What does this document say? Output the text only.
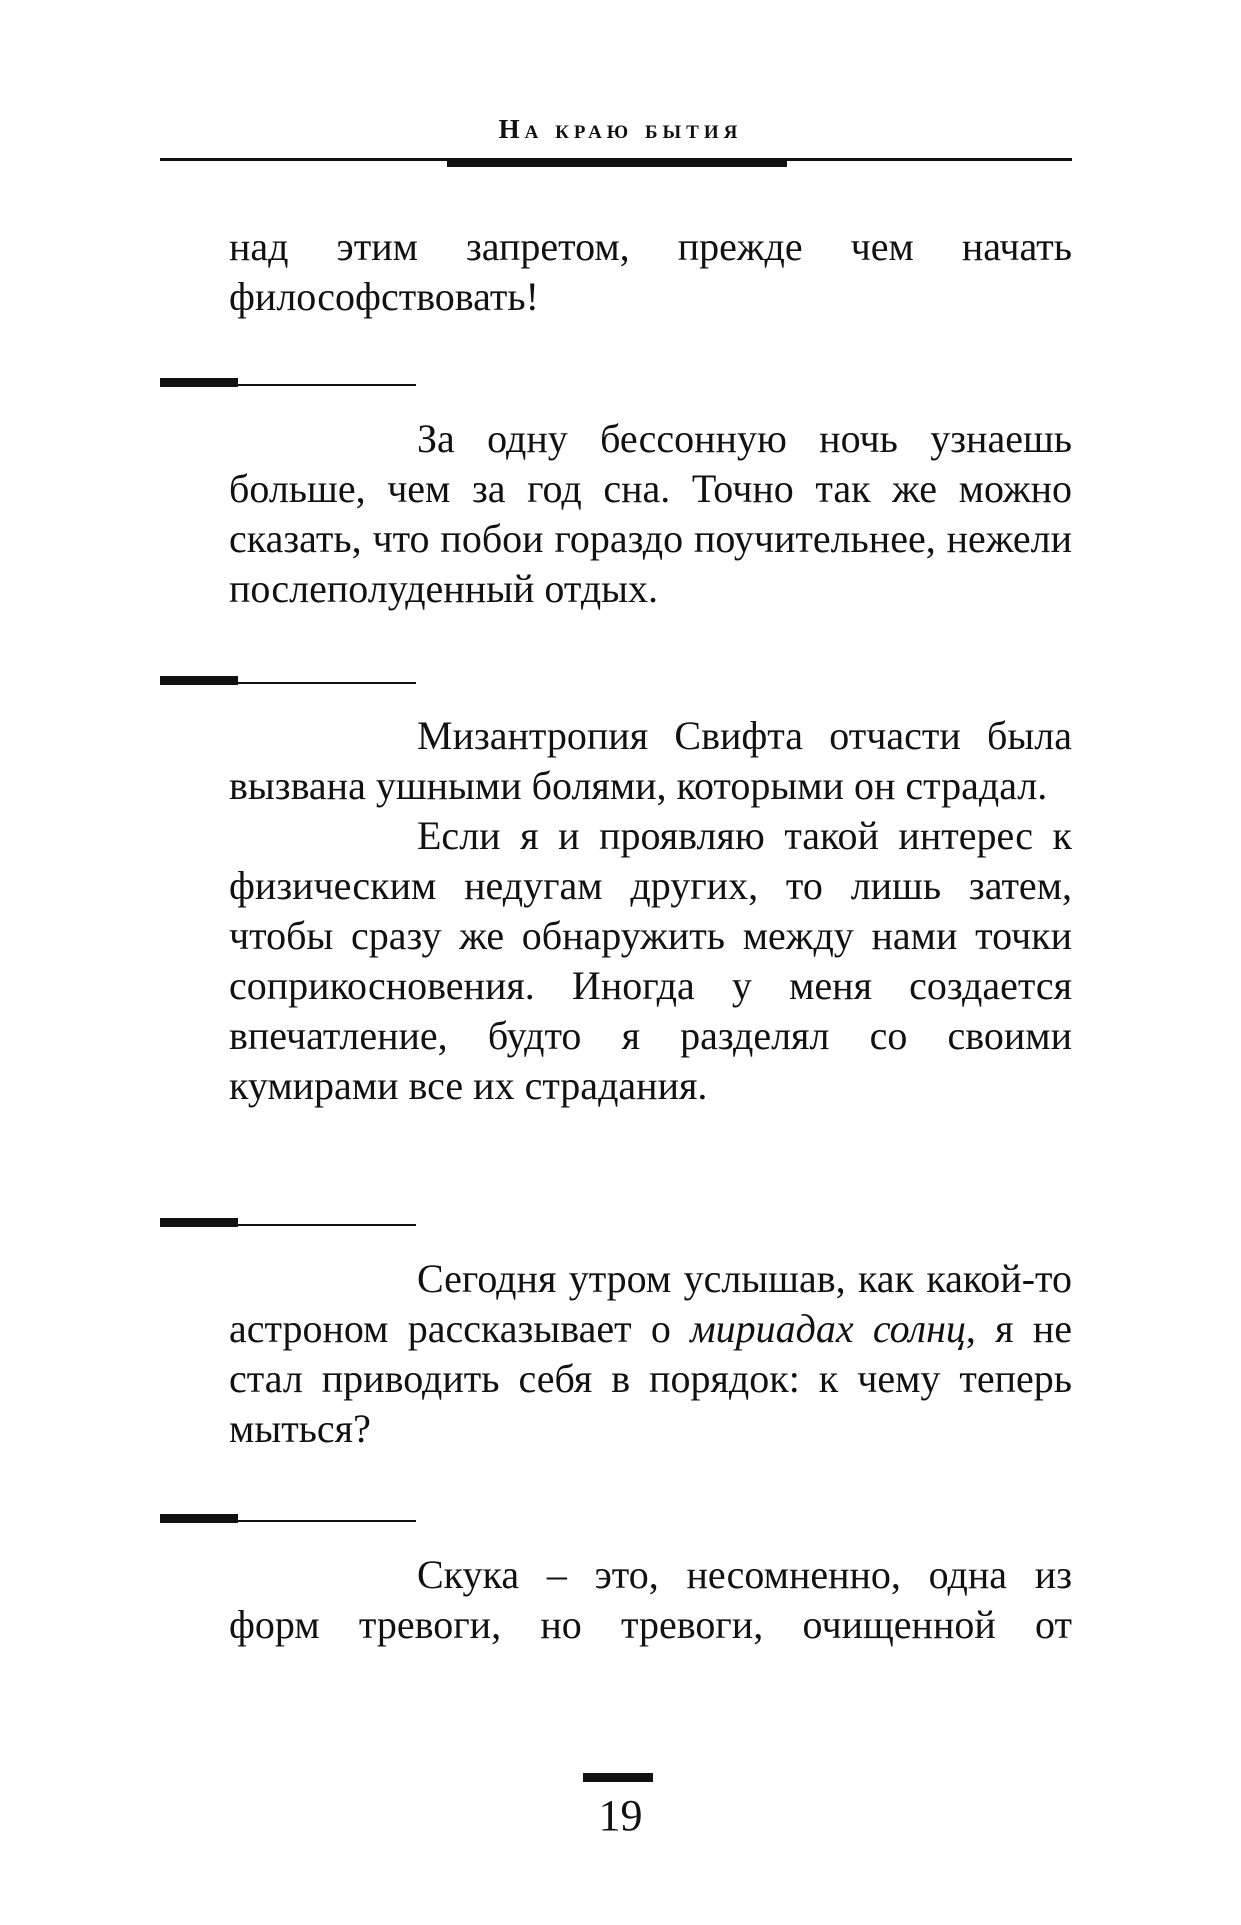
На краю бытия

над этим запретом, прежде чем начать философствовать!

За одну бессонную ночь узнаешь больше, чем за год сна. Точно так же можно сказать, что побои гораздо поучительнее, нежели послеполуденный отдых.

Мизантропия Свифта отчасти была вызвана ушными болями, которыми он страдал.

Если я и проявляю такой интерес к физическим недугам других, то лишь затем, чтобы сразу же обнаружить между нами точки соприкосновения. Иногда у меня создается впечатление, будто я разделял со своими кумирами все их страдания.

Сегодня утром услышав, как какой-то астроном рассказывает о мириадах солнц, я не стал приводить себя в порядок: к чему теперь мыться?

Скука – это, несомненно, одна из форм тревоги, но тревоги, очищенной от

19
